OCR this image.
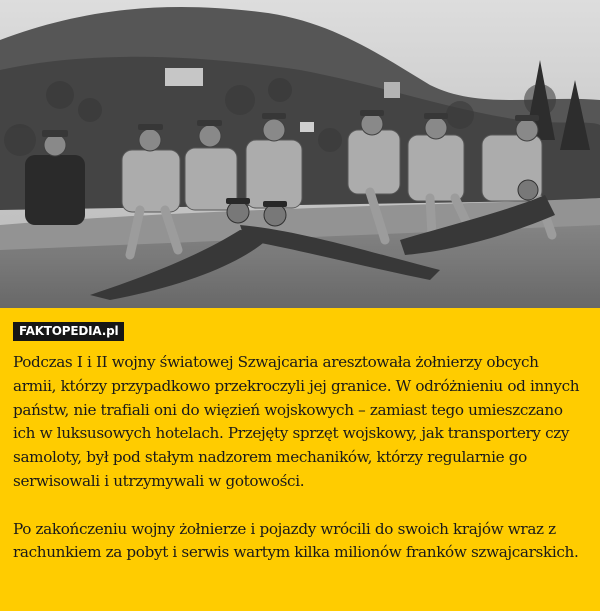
FAKTOPEDIA.pl

Podczas I i II wojny światowej Szwajcaria aresztowała żołnierzy obcych armii, którzy przypadkowo przekroczyli jej granice. W odróżnieniu od innych państw, nie trafiali oni do więzień wojskowych – zamiast tego umieszczano ich w luksusowych hotelach. Przejęty sprzęt wojskowy, jak transportery czy samoloty, był pod stałym nadzorem mechaników, którzy regularnie go serwisowali i utrzymywali w gotowości.

Po zakończeniu wojny żołnierze i pojazdy wrócili do swoich krajów wraz z rachunkiem za pobyt i serwis wartym kilka milionów franków szwajcarskich.
